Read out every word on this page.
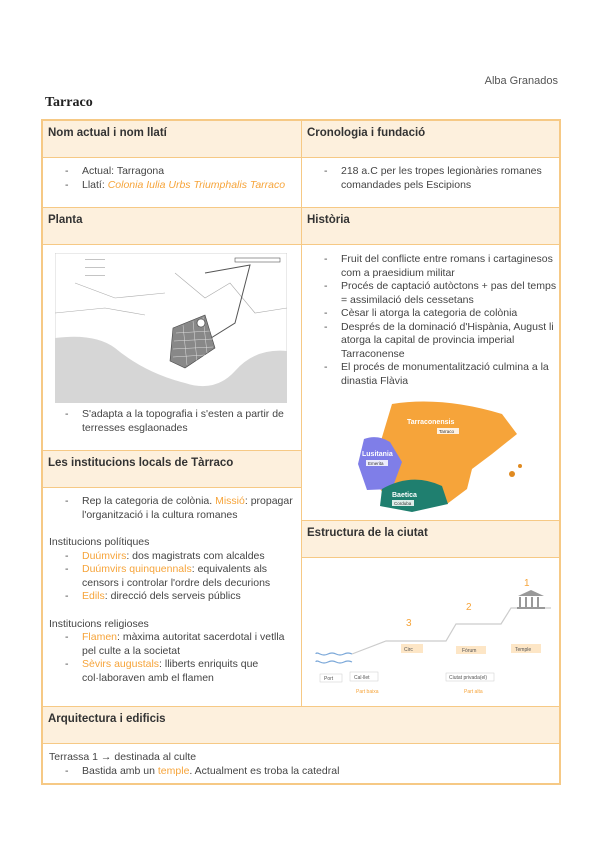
Alba Granados
Tarraco
Nom actual i nom llatí
- Actual: Tarragona
- Llatí: Colonia Iulia Urbs Triumphalis Tarraco
Cronologia i fundació
- 218 a.C per les tropes legionàries romanes comandades pels Escipions
Planta
————
————
————
- S'adapta a la topografia i s'esten a partir de terresses esglaonades
Les institucions locals de Tàrraco
- Rep la categoria de colònia. Missió: propagar l'organització i la cultura romanes
Institucions polítiques
- Duúmvirs: dos magistrats com alcaldes
- Duúmvirs quinquennals: equivalents als censors i controlar l'ordre dels decurions
- Edils: direcció dels serveis públics
Institucions religioses
- Flamen: màxima autoritat sacerdotal i vetlla pel culte a la societat
- Sèvirs augustals: lliberts enriquits que col·laboraven amb el flamen
Història
- Fruit del conflicte entre romans i cartaginesos com a praesidium militar
- Procés de captació autòctons + pas del temps = assimilació dels cessetans
- Cèsar li atorga la categoria de colònia
- Després de la dominació d'Hispània, August li atorga la capital de provincia imperial Tarraconense
- El procés de monumentalització culmina a la dinastia Flàvia
Tarraconensis
Tarraco
Lusitania
Emerita
Baetica
Corduba
Estructura de la ciutat
3
2
1
Circ	Fòrum	Temple
Port	Cal·llet	Ciutat privada(el)
Part baixa	Part alta
Arquitectura i edificis
Terrassa 1 → destinada al culte
- Bastida amb un temple. Actualment es troba la catedral
